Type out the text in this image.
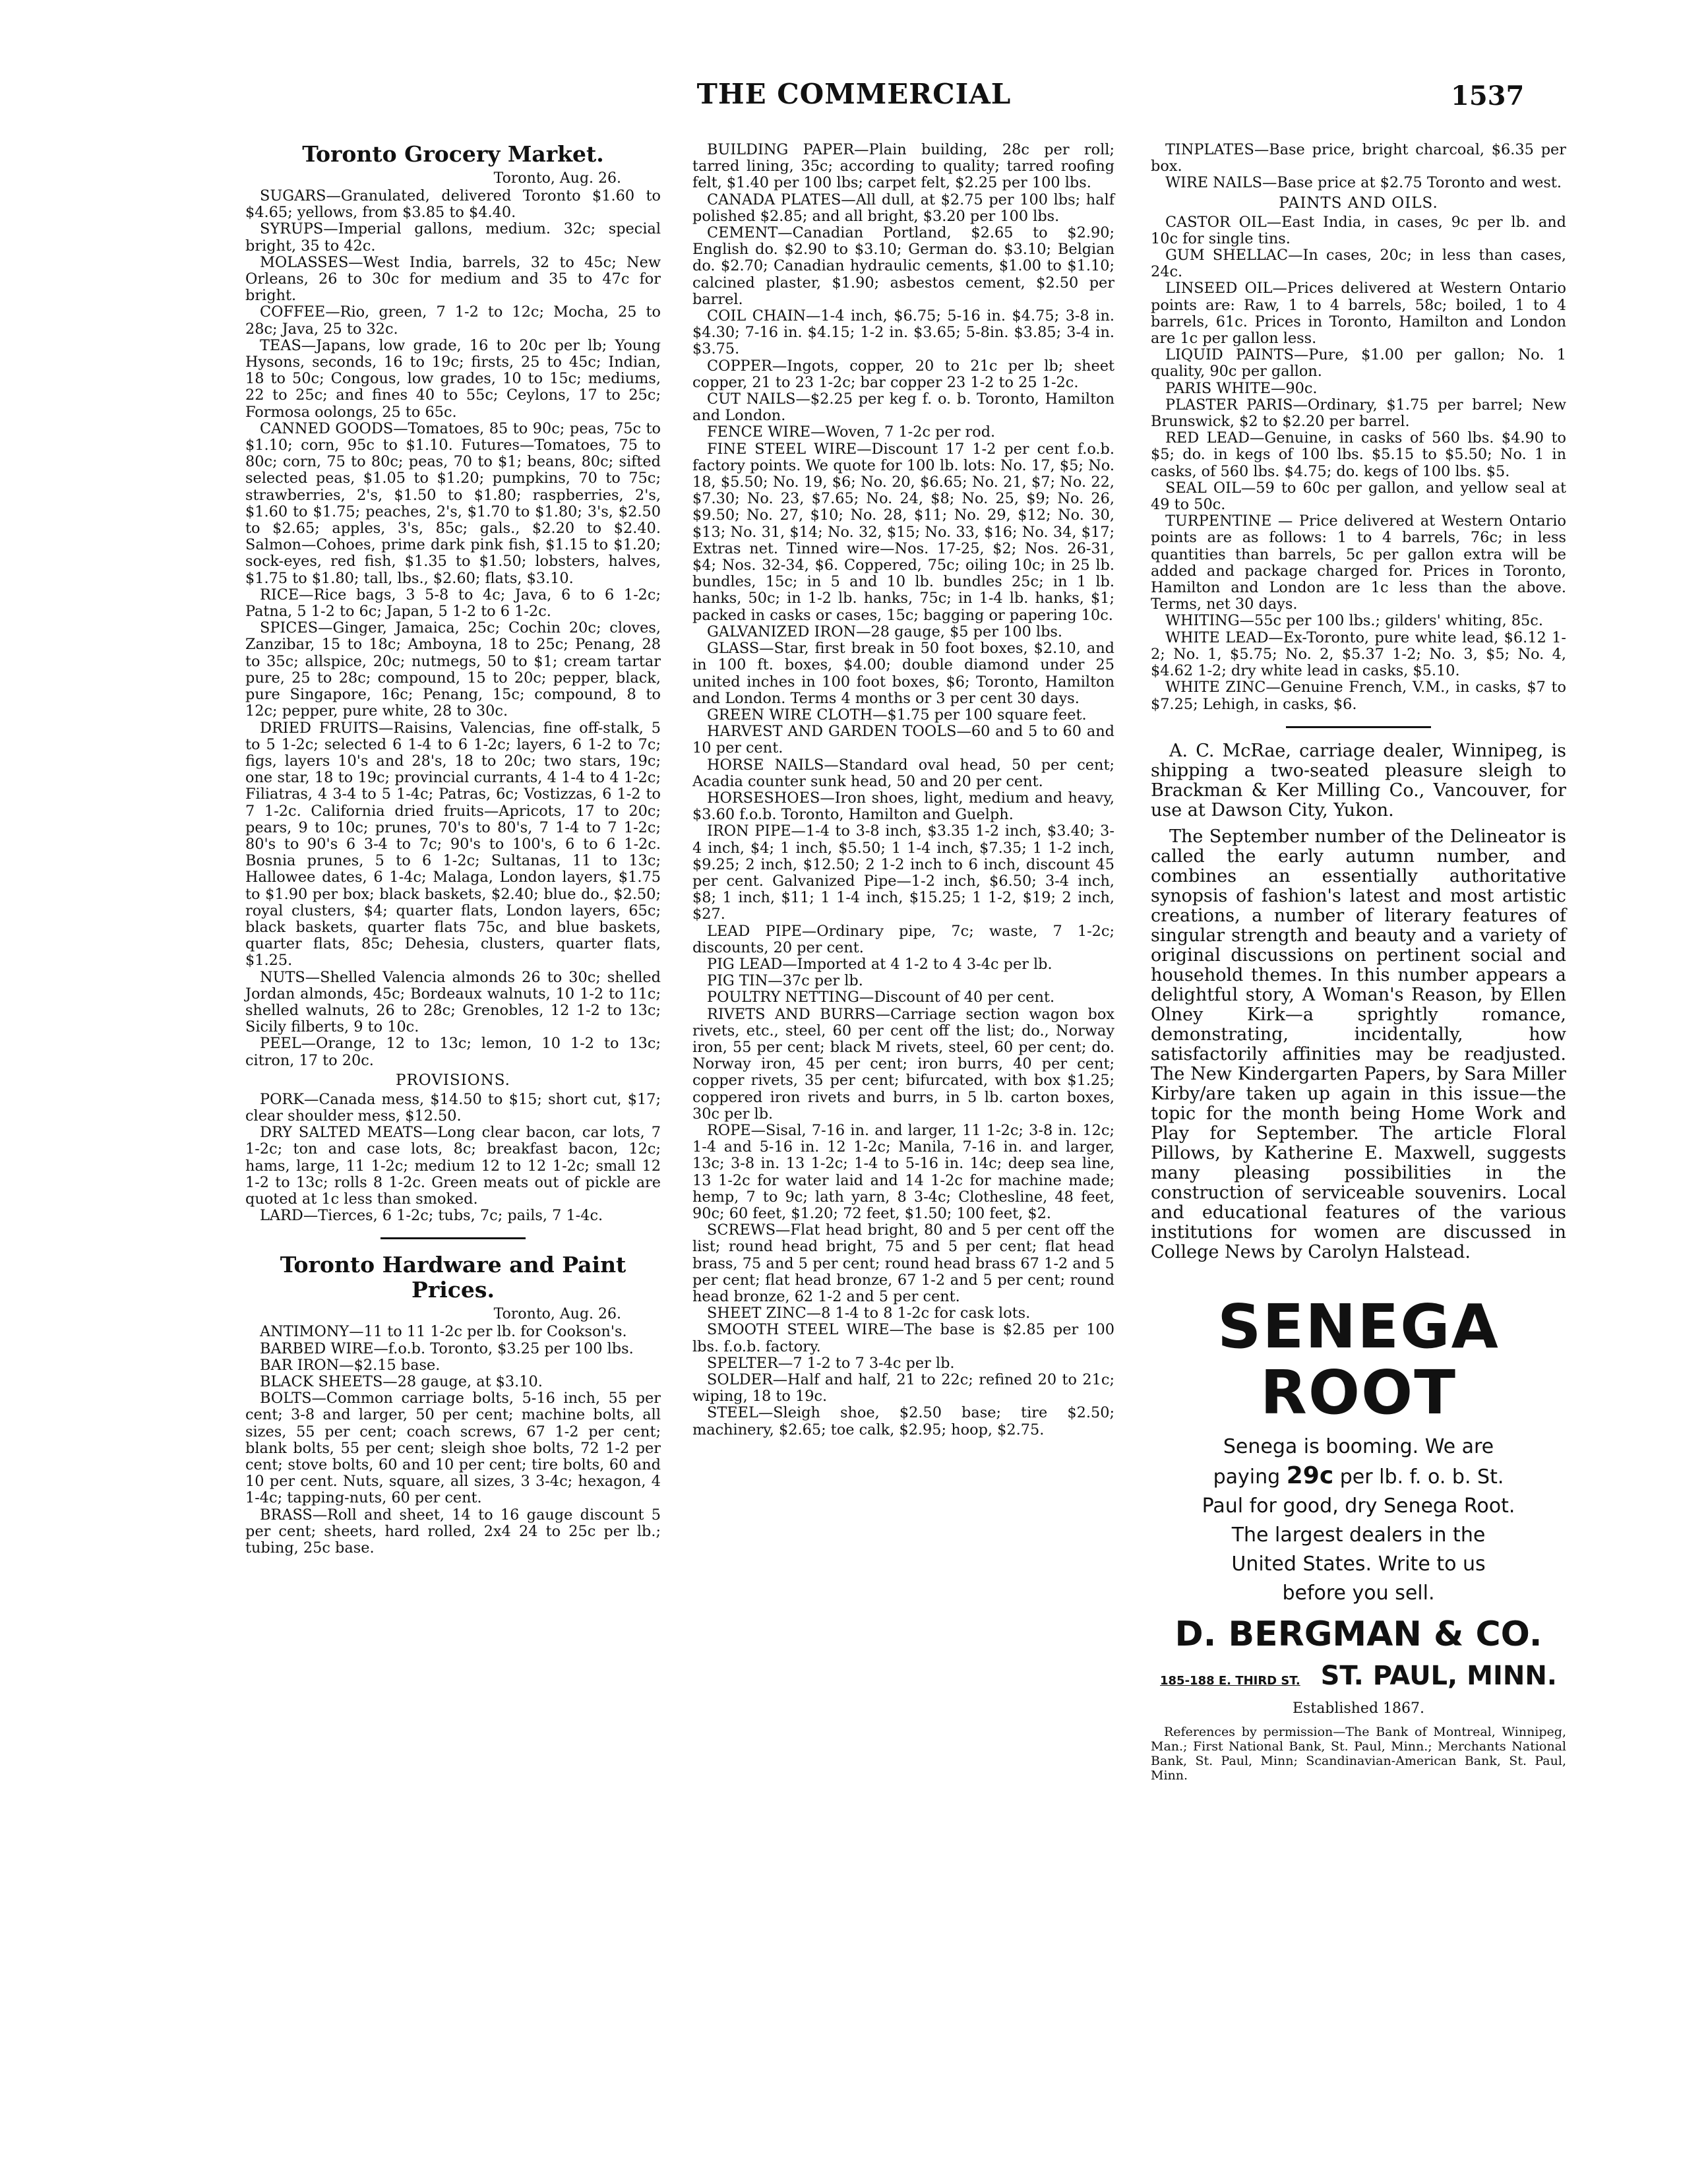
THE COMMERCIAL	1537
Toronto Grocery Market.
Toronto, Aug. 26.

SUGARS—Granulated, delivered Toronto $1.60 to $4.65; yellows, from $3.85 to $4.40.

SYRUPS—Imperial gallons, medium. 32c; special bright, 35 to 42c.

MOLASSES—West India, barrels, 32 to 45c; New Orleans, 26 to 30c for medium and 35 to 47c for bright.

COFFEE—Rio, green, 7 1-2 to 12c; Mocha, 25 to 28c; Java, 25 to 32c.

TEAS—Japans, low grade, 16 to 20c per lb; Young Hysons, seconds, 16 to 19c; firsts, 25 to 45c; Indian, 18 to 50c; Congous, low grades, 10 to 15c; mediums, 22 to 25c; and fines 40 to 55c; Ceylons, 17 to 25c; Formosa oolongs, 25 to 65c.

CANNED GOODS—Tomatoes, 85 to 90c; peas, 75c to $1.10; corn, 95c to $1.10. Futures—Tomatoes, 75 to 80c; corn, 75 to 80c; peas, 70 to $1; beans, 80c; sifted selected peas, $1.05 to $1.20; pumpkins, 70 to 75c; strawberries, 2's, $1.50 to $1.80; raspberries, 2's, $1.60 to $1.75; peaches, 2's, $1.70 to $1.80; 3's, $2.50 to $2.65; apples, 3's, 85c; gals., $2.20 to $2.40. Salmon—Cohoes, prime dark pink fish, $1.15 to $1.20; sock-eyes, red fish, $1.35 to $1.50; lobsters, halves, $1.75 to $1.80; tall, lbs., $2.60; flats, $3.10.

RICE—Rice bags, 3 5-8 to 4c; Java, 6 to 6 1-2c; Patna, 5 1-2 to 6c; Japan, 5 1-2 to 6 1-2c.

SPICES—Ginger, Jamaica, 25c; Cochin 20c; cloves, Zanzibar, 15 to 18c; Amboyna, 18 to 25c; Penang, 28 to 35c; allspice, 20c; nutmegs, 50 to $1; cream tartar pure, 25 to 28c; compound, 15 to 20c; pepper, black, pure Singapore, 16c; Penang, 15c; compound, 8 to 12c; pepper, pure white, 28 to 30c.

DRIED FRUITS—Raisins, Valencias, fine off-stalk, 5 to 5 1-2c; selected 6 1-4 to 6 1-2c; layers, 6 1-2 to 7c; figs, layers 10's and 28's, 18 to 20c; two stars, 19c; one star, 18 to 19c; provincial currants, 4 1-4 to 4 1-2c; Filiatras, 4 3-4 to 5 1-4c; Patras, 6c; Vostizzas, 6 1-2 to 7 1-2c. California dried fruits—Apricots, 17 to 20c; pears, 9 to 10c; prunes, 70's to 80's, 7 1-4 to 7 1-2c; 80's to 90's 6 3-4 to 7c; 90's to 100's, 6 to 6 1-2c. Bosnia prunes, 5 to 6 1-2c; Sultanas, 11 to 13c; Hallowee dates, 6 1-4c; Malaga, London layers, $1.75 to $1.90 per box; black baskets, $2.40; blue do., $2.50; royal clusters, $4; quarter flats, London layers, 65c; black baskets, quarter flats 75c, and blue baskets, quarter flats, 85c; Dehesia, clusters, quarter flats, $1.25.

NUTS—Shelled Valencia almonds 26 to 30c; shelled Jordan almonds, 45c; Bordeaux walnuts, 10 1-2 to 11c; shelled walnuts, 26 to 28c; Grenobles, 12 1-2 to 13c; Sicily filberts, 9 to 10c.

PEEL—Orange, 12 to 13c; lemon, 10 1-2 to 13c; citron, 17 to 20c.

PROVISIONS.

PORK—Canada mess, $14.50 to $15; short cut, $17; clear shoulder mess, $12.50.

DRY SALTED MEATS—Long clear bacon, car lots, 7 1-2c; ton and case lots, 8c; breakfast bacon, 12c; hams, large, 11 1-2c; medium 12 to 12 1-2c; small 12 1-2 to 13c; rolls 8 1-2c. Green meats out of pickle are quoted at 1c less than smoked.

LARD—Tierces, 6 1-2c; tubs, 7c; pails, 7 1-4c.

Toronto Hardware and Paint Prices.
Toronto, Aug. 26.

ANTIMONY—11 to 11 1-2c per lb. for Cookson's.

BARBED WIRE—f.o.b. Toronto, $3.25 per 100 lbs.

BAR IRON—$2.15 base.

BLACK SHEETS—28 gauge, at $3.10.

BOLTS—Common carriage bolts, 5-16 inch, 55 per cent; 3-8 and larger, 50 per cent; machine bolts, all sizes, 55 per cent; coach screws, 67 1-2 per cent; blank bolts, 55 per cent; sleigh shoe bolts, 72 1-2 per cent; stove bolts, 60 and 10 per cent; tire bolts, 60 and 10 per cent. Nuts, square, all sizes, 3 3-4c; hexagon, 4 1-4c; tapping-nuts, 60 per cent.

BRASS—Roll and sheet, 14 to 16 gauge discount 5 per cent; sheets, hard rolled, 2x4 24 to 25c per lb.; tubing, 25c base.

BUILDING PAPER—Plain building, 28c per roll; tarred lining, 35c; according to quality; tarred roofing felt, $1.40 per 100 lbs; carpet felt, $2.25 per 100 lbs.

CANADA PLATES—All dull, at $2.75 per 100 lbs; half polished $2.85; and all bright, $3.20 per 100 lbs.

CEMENT—Canadian Portland, $2.65 to $2.90; English do. $2.90 to $3.10; German do. $3.10; Belgian do. $2.70; Canadian hydraulic cements, $1.00 to $1.10; calcined plaster, $1.90; asbestos cement, $2.50 per barrel.

COIL CHAIN—1-4 inch, $6.75; 5-16 in. $4.75; 3-8 in. $4.30; 7-16 in. $4.15; 1-2 in. $3.65; 5-8in. $3.85; 3-4 in. $3.75.

COPPER—Ingots, copper, 20 to 21c per lb; sheet copper, 21 to 23 1-2c; bar copper 23 1-2 to 25 1-2c.

CUT NAILS—$2.25 per keg f. o. b. Toronto, Hamilton and London.

FENCE WIRE—Woven, 7 1-2c per rod.

FINE STEEL WIRE—Discount 17 1-2 per cent f.o.b. factory points. We quote for 100 lb. lots: No. 17, $5; No. 18, $5.50; No. 19, $6; No. 20, $6.65; No. 21, $7; No. 22, $7.30; No. 23, $7.65; No. 24, $8; No. 25, $9; No. 26, $9.50; No. 27, $10; No. 28, $11; No. 29, $12; No. 30, $13; No. 31, $14; No. 32, $15; No. 33, $16; No. 34, $17; Extras net. Tinned wire—Nos. 17-25, $2; Nos. 26-31, $4; Nos. 32-34, $6. Coppered, 75c; oiling 10c; in 25 lb. bundles, 15c; in 5 and 10 lb. bundles 25c; in 1 lb. hanks, 50c; in 1-2 lb. hanks, 75c; in 1-4 lb. hanks, $1; packed in casks or cases, 15c; bagging or papering 10c.

GALVANIZED IRON—28 gauge, $5 per 100 lbs.

GLASS—Star, first break in 50 foot boxes, $2.10, and in 100 ft. boxes, $4.00; double diamond under 25 united inches in 100 foot boxes, $6; Toronto, Hamilton and London. Terms 4 months or 3 per cent 30 days.

GREEN WIRE CLOTH—$1.75 per 100 square feet.

HARVEST AND GARDEN TOOLS—60 and 5 to 60 and 10 per cent.

HORSE NAILS—Standard oval head, 50 per cent; Acadia counter sunk head, 50 and 20 per cent.

HORSESHOES—Iron shoes, light, medium and heavy, $3.60 f.o.b. Toronto, Hamilton and Guelph.

IRON PIPE—1-4 to 3-8 inch, $3.35 1-2 inch, $3.40; 3-4 inch, $4; 1 inch, $5.50; 1 1-4 inch, $7.35; 1 1-2 inch, $9.25; 2 inch, $12.50; 2 1-2 inch to 6 inch, discount 45 per cent. Galvanized Pipe—1-2 inch, $6.50; 3-4 inch, $8; 1 inch, $11; 1 1-4 inch, $15.25; 1 1-2, $19; 2 inch, $27.

LEAD PIPE—Ordinary pipe, 7c; waste, 7 1-2c; discounts, 20 per cent.

PIG LEAD—Imported at 4 1-2 to 4 3-4c per lb.

PIG TIN—37c per lb.

POULTRY NETTING—Discount of 40 per cent.

RIVETS AND BURRS—Carriage section wagon box rivets, etc., steel, 60 per cent off the list; do., Norway iron, 55 per cent; black M rivets, steel, 60 per cent; do. Norway iron, 45 per cent; iron burrs, 40 per cent; copper rivets, 35 per cent; bifurcated, with box $1.25; coppered iron rivets and burrs, in 5 lb. carton boxes, 30c per lb.

ROPE—Sisal, 7-16 in. and larger, 11 1-2c; 3-8 in. 12c; 1-4 and 5-16 in. 12 1-2c; Manila, 7-16 in. and larger, 13c; 3-8 in. 13 1-2c; 1-4 to 5-16 in. 14c; deep sea line, 13 1-2c for water laid and 14 1-2c for machine made; hemp, 7 to 9c; lath yarn, 8 3-4c; Clothesline, 48 feet, 90c; 60 feet, $1.20; 72 feet, $1.50; 100 feet, $2.

SCREWS—Flat head bright, 80 and 5 per cent off the list; round head bright, 75 and 5 per cent; flat head brass, 75 and 5 per cent; round head brass 67 1-2 and 5 per cent; flat head bronze, 67 1-2 and 5 per cent; round head bronze, 62 1-2 and 5 per cent.

SHEET ZINC—8 1-4 to 8 1-2c for cask lots.

SMOOTH STEEL WIRE—The base is $2.85 per 100 lbs. f.o.b. factory.

SPELTER—7 1-2 to 7 3-4c per lb.

SOLDER—Half and half, 21 to 22c; refined 20 to 21c; wiping, 18 to 19c.

STEEL—Sleigh shoe, $2.50 base; tire $2.50; machinery, $2.65; toe calk, $2.95; hoop, $2.75.

TINPLATES—Base price, bright charcoal, $6.35 per box.

WIRE NAILS—Base price at $2.75 Toronto and west.

PAINTS AND OILS.

CASTOR OIL—East India, in cases, 9c per lb. and 10c for single tins.

GUM SHELLAC—In cases, 20c; in less than cases, 24c.

LINSEED OIL—Prices delivered at Western Ontario points are: Raw, 1 to 4 barrels, 58c; boiled, 1 to 4 barrels, 61c. Prices in Toronto, Hamilton and London are 1c per gallon less.

LIQUID PAINTS—Pure, $1.00 per gallon; No. 1 quality, 90c per gallon.

PARIS WHITE—90c.

PLASTER PARIS—Ordinary, $1.75 per barrel; New Brunswick, $2 to $2.20 per barrel.

RED LEAD—Genuine, in casks of 560 lbs. $4.90 to $5; do. in kegs of 100 lbs. $5.15 to $5.50; No. 1 in casks, of 560 lbs. $4.75; do. kegs of 100 lbs. $5.

SEAL OIL—59 to 60c per gallon, and yellow seal at 49 to 50c.

TURPENTINE — Price delivered at Western Ontario points are as follows: 1 to 4 barrels, 76c; in less quantities than barrels, 5c per gallon extra will be added and package charged for. Prices in Toronto, Hamilton and London are 1c less than the above. Terms, net 30 days.

WHITING—55c per 100 lbs.; gilders' whiting, 85c.

WHITE LEAD—Ex-Toronto, pure white lead, $6.12 1-2; No. 1, $5.75; No. 2, $5.37 1-2; No. 3, $5; No. 4, $4.62 1-2; dry white lead in casks, $5.10.

WHITE ZINC—Genuine French, V.M., in casks, $7 to $7.25; Lehigh, in casks, $6.

A. C. McRae, carriage dealer, Winnipeg, is shipping a two-seated pleasure sleigh to Brackman & Ker Milling Co., Vancouver, for use at Dawson City, Yukon.

The September number of the Delineator is called the early autumn number, and combines an essentially authoritative synopsis of fashion's latest and most artistic creations, a number of literary features of singular strength and beauty and a variety of original discussions on pertinent social and household themes. In this number appears a delightful story, A Woman's Reason, by Ellen Olney Kirk—a sprightly romance, demonstrating, incidentally, how satisfactorily affinities may be readjusted. The New Kindergarten Papers, by Sara Miller Kirby/are taken up again in this issue—the topic for the month being Home Work and Play for September. The article Floral Pillows, by Katherine E. Maxwell, suggests many pleasing possibilities in the construction of serviceable souvenirs. Local and educational features of the various institutions for women are discussed in College News by Carolyn Halstead.

SENEGA ROOT
Senega is booming. We are
paying 29c per lb. f. o. b. St.
Paul for good, dry Senega Root.
The largest dealers in the
United States. Write to us
before you sell.
D. BERGMAN & CO.
185-188 E. THIRD ST. ST. PAUL, MINN.
Established 1867.

References by permission—The Bank of Montreal, Winnipeg, Man.; First National Bank, St. Paul, Minn.; Merchants National Bank, St. Paul, Minn; Scandinavian-American Bank, St. Paul, Minn.
